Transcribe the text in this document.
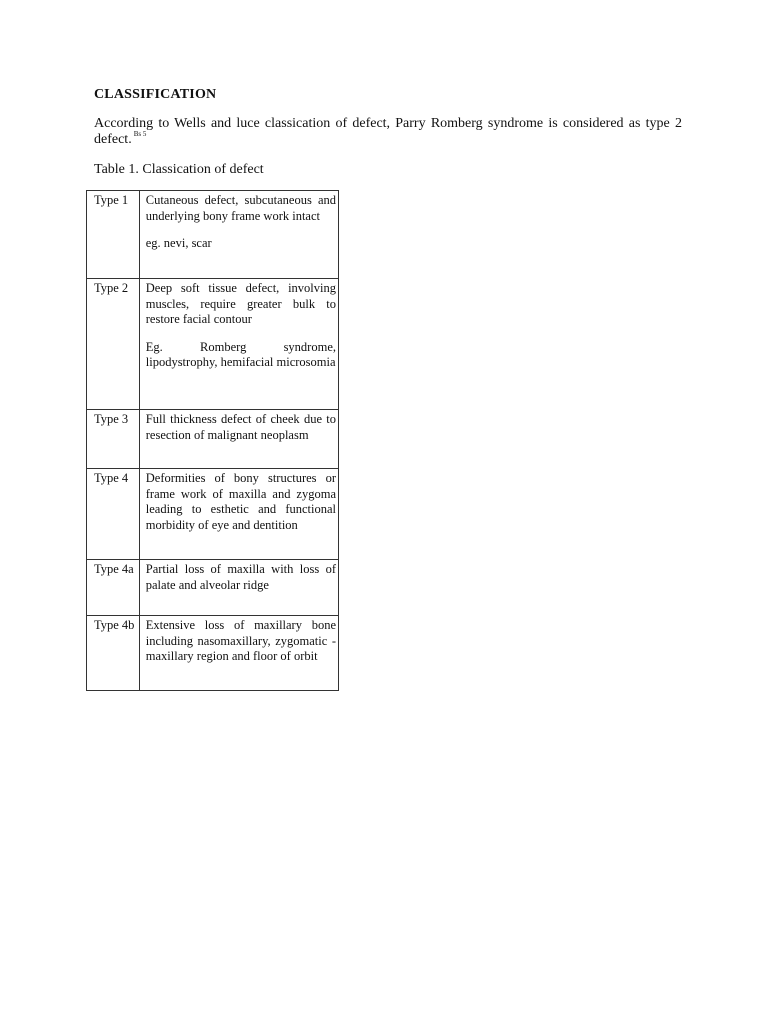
CLASSIFICATION

According to Wells and luce classication of defect, Parry Romberg syndrome is considered as type 2 defect. $^{Bs 5}$

Table 1. Classication of defect

Type 1	Cutaneous defect, subcutaneous and underlying bony frame work intact

eg. nevi, scar

Type 2	Deep soft tissue defect, involving muscles, require greater bulk to restore facial contour

Eg. Romberg syndrome, lipodystrophy, hemifacial microsomia

Type 3	Full thickness defect of cheek due to resection of malignant neoplasm

Type 4	Deformities of bony structures or frame work of maxilla and zygoma leading to esthetic and functional morbidity of eye and dentition

Type 4a	Partial loss of maxilla with loss of palate and alveolar ridge

Type 4b	Extensive loss of maxillary bone including nasomaxillary, zygomatic - maxillary region and floor of orbit
